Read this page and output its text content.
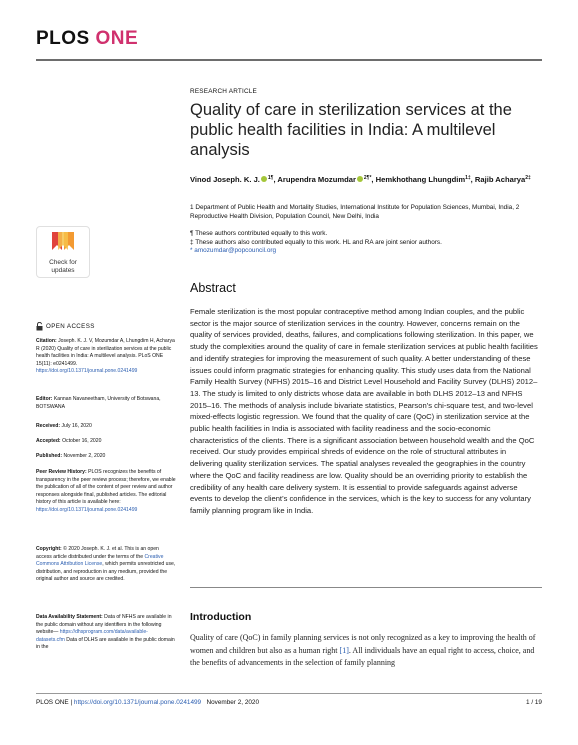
PLOS ONE
RESEARCH ARTICLE
Quality of care in sterilization services at the public health facilities in India: A multilevel analysis
Vinod Joseph. K. J. $^{1\P}$, Arupendra Mozumdar $^{2\P*}$, Hemkhothang Lhungdim$^{1\ddagger}$, Rajib Acharya$^{2\ddagger}$
1 Department of Public Health and Mortality Studies, International Institute for Population Sciences, Mumbai, India, 2 Reproductive Health Division, Population Council, New Delhi, India
¶ These authors contributed equally to this work.
‡ These authors also contributed equally to this work. HL and RA are joint senior authors.
* amozumdar@popcouncil.org
Check for
updates
OPEN ACCESS
Citation: Joseph. K. J. V, Mozumdar A, Lhungdim H, Acharya R (2020) Quality of care in sterilization services at the public health facilities in India: A multilevel analysis. PLoS ONE 15(11): e0241499. https://doi.org/10.1371/journal.pone.0241499
Editor: Kannan Navaneetham, University of Botswana, BOTSWANA
Received: July 16, 2020
Accepted: October 16, 2020
Published: November 2, 2020
Peer Review History: PLOS recognizes the benefits of transparency in the peer review process; therefore, we enable the publication of all of the content of peer review and author responses alongside final, published articles. The editorial history of this article is available here: https://doi.org/10.1371/journal.pone.0241499
Copyright: © 2020 Joseph. K. J. et al. This is an open access article distributed under the terms of the Creative Commons Attribution License, which permits unrestricted use, distribution, and reproduction in any medium, provided the original author and source are credited.
Data Availability Statement: Data of NFHS are available in the public domain without any identifiers in the following website— https://dhsprogram.com/data/available-datasets.cfm Data of DLHS are available in the public domain in the
Abstract
Female sterilization is the most popular contraceptive method among Indian couples, and the public sector is the major source of sterilization services in the country. However, concerns remain on the quality of services provided, deaths, failures, and complications following sterilization. In this paper, we study the complexities around the quality of care in female sterilization services at public health facilities and identify strategies for improving the measurement of such quality. A better understanding of these issues could inform pragmatic strategies for enhancing quality. This study uses data from the National Family Health Survey (NFHS) 2015–16 and District Level Household and Facility Survey (DLHS) 2012–13. The study is limited to only districts whose data are available in both DLHS 2012–13 and NFHS 2015–16. The methods of analysis include bivariate statistics, Pearson’s chi-square test, and two-level mixed-effects logistic regression. We found that the quality of care (QoC) in sterilization service at the public health facilities in India is associated with facility readiness and the socio-economic characteristics of the clients. There is a significant association between household wealth and the QoC received. Our study provides empirical shreds of evidence on the role of structural attributes in delivering quality sterilization services. The spatial analyses revealed the geographies in the country where the QoC and facility readiness are low. Quality should be an overriding priority to establish the credibility of any health care delivery system. It is essential to provide safeguards against adverse events to develop the client’s confidence in the services, which is the key to success for any voluntary family planning program like in India.
Introduction
Quality of care (QoC) in family planning services is not only recognized as a key to improving the health of women and children but also as a human right [1]. All individuals have an equal right to access, choice, and the benefits of advancements in the selection of family planning
PLOS ONE | https://doi.org/10.1371/journal.pone.0241499 November 2, 2020	1 / 19
